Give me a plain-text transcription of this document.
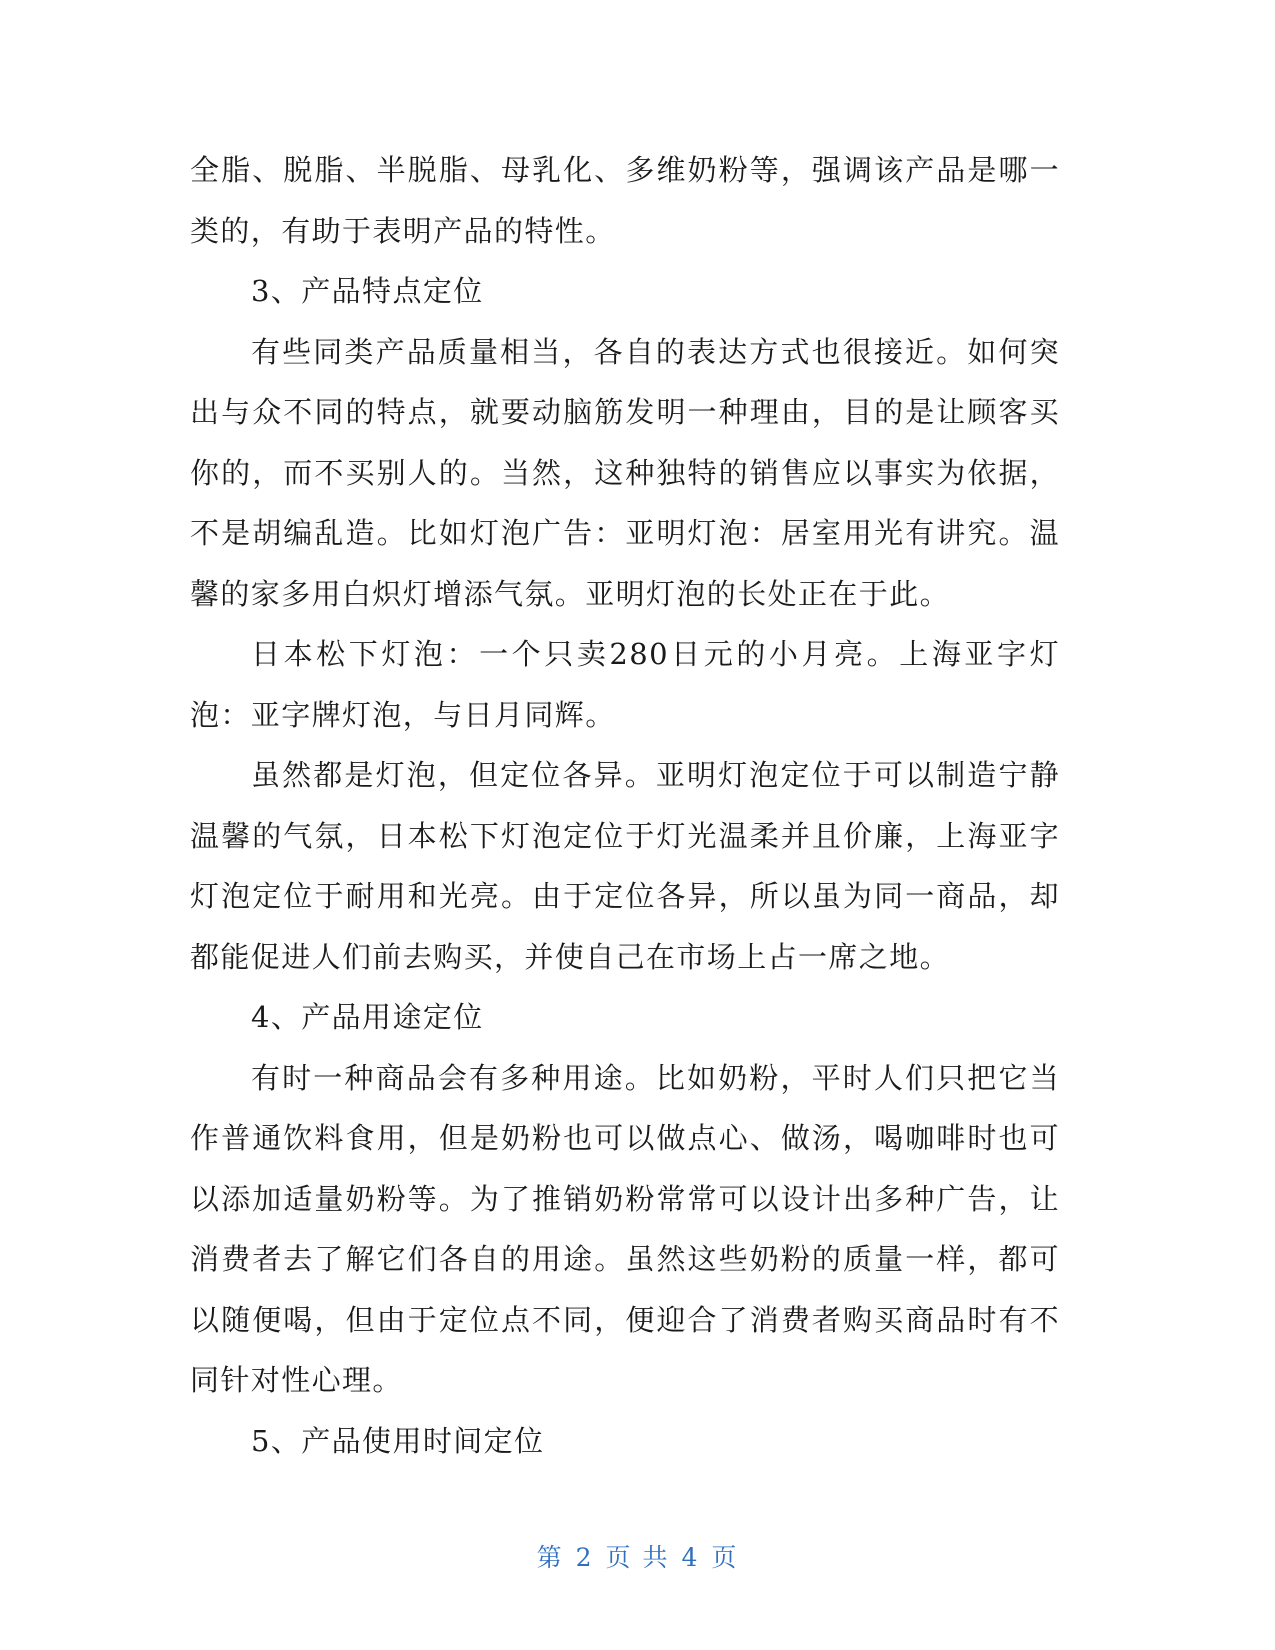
全脂、脱脂、半脱脂、母乳化、多维奶粉等，强调该产品是哪一类的，有助于表明产品的特性。

3、产品特点定位

有些同类产品质量相当，各自的表达方式也很接近。如何突出与众不同的特点，就要动脑筋发明一种理由，目的是让顾客买你的，而不买别人的。当然，这种独特的销售应以事实为依据，不是胡编乱造。比如灯泡广告：亚明灯泡：居室用光有讲究。温馨的家多用白炽灯增添气氛。亚明灯泡的长处正在于此。

日本松下灯泡：一个只卖280日元的小月亮。上海亚字灯泡：亚字牌灯泡，与日月同辉。

虽然都是灯泡，但定位各异。亚明灯泡定位于可以制造宁静温馨的气氛，日本松下灯泡定位于灯光温柔并且价廉，上海亚字灯泡定位于耐用和光亮。由于定位各异，所以虽为同一商品，却都能促进人们前去购买，并使自己在市场上占一席之地。

4、产品用途定位

有时一种商品会有多种用途。比如奶粉，平时人们只把它当作普通饮料食用，但是奶粉也可以做点心、做汤，喝咖啡时也可以添加适量奶粉等。为了推销奶粉常常可以设计出多种广告，让消费者去了解它们各自的用途。虽然这些奶粉的质量一样，都可以随便喝，但由于定位点不同，便迎合了消费者购买商品时有不同针对性心理。

5、产品使用时间定位

第 2 页 共 4 页
